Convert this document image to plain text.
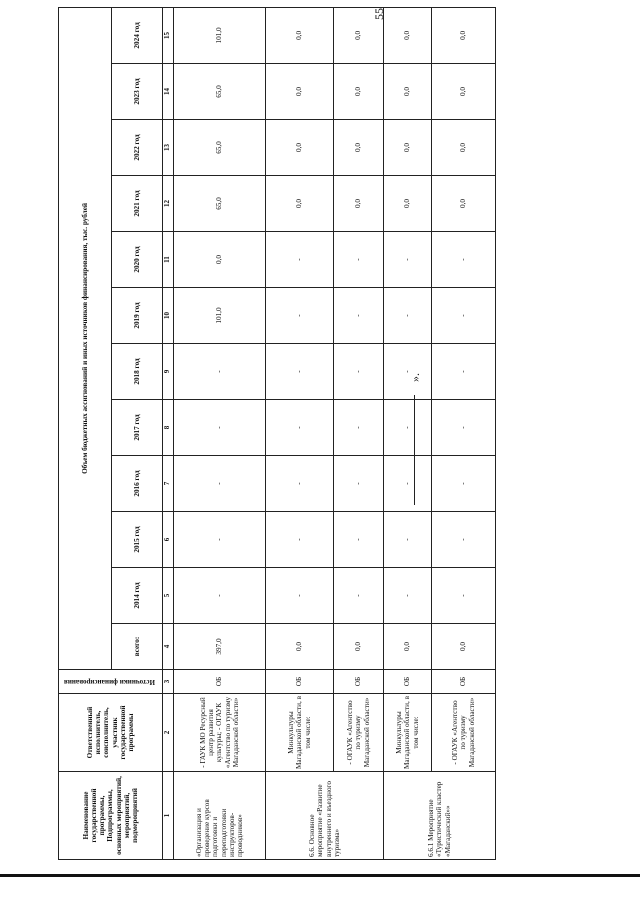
55
Наименование государственной программы, Подпрограммы, основных мероприятий, мероприятий, подмероприятий	Ответственный исполнитель, соисполнитель, участник государственной программы	Источники финансирования	Объем бюджетных ассигнований и иных источников финансирования, тыс. рублей											
			всего:	2014 год	2015 год	2016 год	2017 год	2018 год	2019 год	2020 год	2021 год	2022 год	2023 год	2024 год
1	2	3	4	5	6	7	8	9	10	11	12	13	14	15
«Организация и проведение курсов подготовки и переподготовки инструкторов-проводников»	- ГАУК МО Ресурсный центр развития культуры; - ОГАУК «Агентство по туризму Магаданской области»	ОБ	397,0	-	-	-	-	-	101,0	0,0	65,0	65,0	65,0	101,0
6.6. Основное мероприятие «Развитие внутреннего и въездного туризма»	Минкультуры Магаданской области, в том числе:	ОБ	0,0	-	-	-	-	-	-	-	0,0	0,0	0,0	0,0
	- ОГАУК «Агентство по туризму Магаданской области»	ОБ	0,0	-	-	-	-	-	-	-	0,0	0,0	0,0	0,0
6.6.1 Мероприятие «Туристический кластер «Магаданский»»	Минкультуры Магаданской области, в том числе:	ОБ	0,0	-	-	-	-	-	-	-	0,0	0,0	0,0	0,0
	- ОГАУК «Агентство по туризму Магаданской области»	ОБ	0,0	-	-	-	-	-	-	-	0,0	0,0	0,0	0,0
».
